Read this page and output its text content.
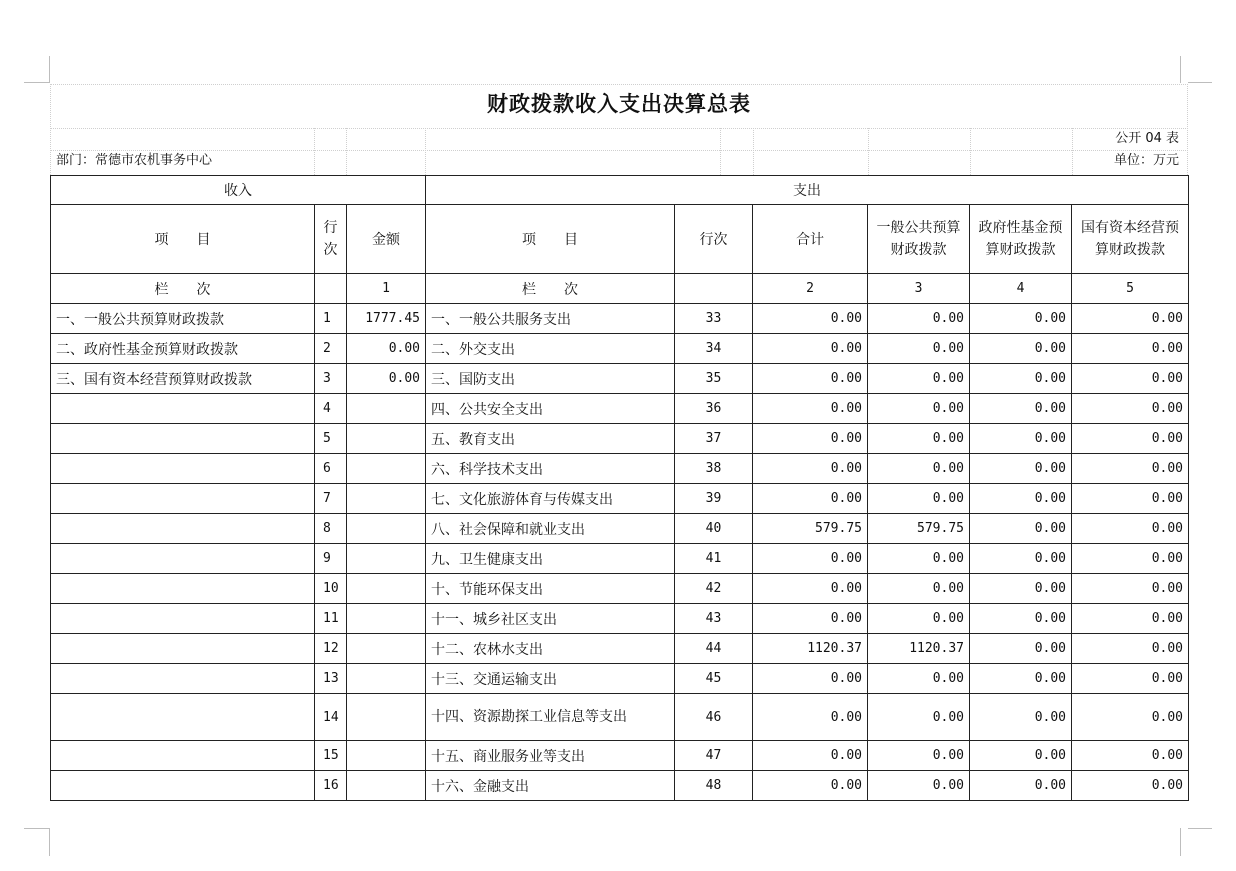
财政拨款收入支出决算总表
公开 04 表
部门：常德市农机事务中心	单位：万元
收入			支出					
项　　目	行次	金额	项　　目	行次	合计	一般公共预算财政拨款	政府性基金预算财政拨款	国有资本经营预算财政拨款
栏　　次		1	栏　　次		2	3	4	5
一、一般公共预算财政拨款	1	1777.45	一、一般公共服务支出	33	0.00	0.00	0.00	0.00
二、政府性基金预算财政拨款	2	0.00	二、外交支出	34	0.00	0.00	0.00	0.00
三、国有资本经营预算财政拨款	3	0.00	三、国防支出	35	0.00	0.00	0.00	0.00
	4		四、公共安全支出	36	0.00	0.00	0.00	0.00
	5		五、教育支出	37	0.00	0.00	0.00	0.00
	6		六、科学技术支出	38	0.00	0.00	0.00	0.00
	7		七、文化旅游体育与传媒支出	39	0.00	0.00	0.00	0.00
	8		八、社会保障和就业支出	40	579.75	579.75	0.00	0.00
	9		九、卫生健康支出	41	0.00	0.00	0.00	0.00
	10		十、节能环保支出	42	0.00	0.00	0.00	0.00
	11		十一、城乡社区支出	43	0.00	0.00	0.00	0.00
	12		十二、农林水支出	44	1120.37	1120.37	0.00	0.00
	13		十三、交通运输支出	45	0.00	0.00	0.00	0.00
	14		十四、资源勘探工业信息等支出	46	0.00	0.00	0.00	0.00
	15		十五、商业服务业等支出	47	0.00	0.00	0.00	0.00
	16		十六、金融支出	48	0.00	0.00	0.00	0.00
